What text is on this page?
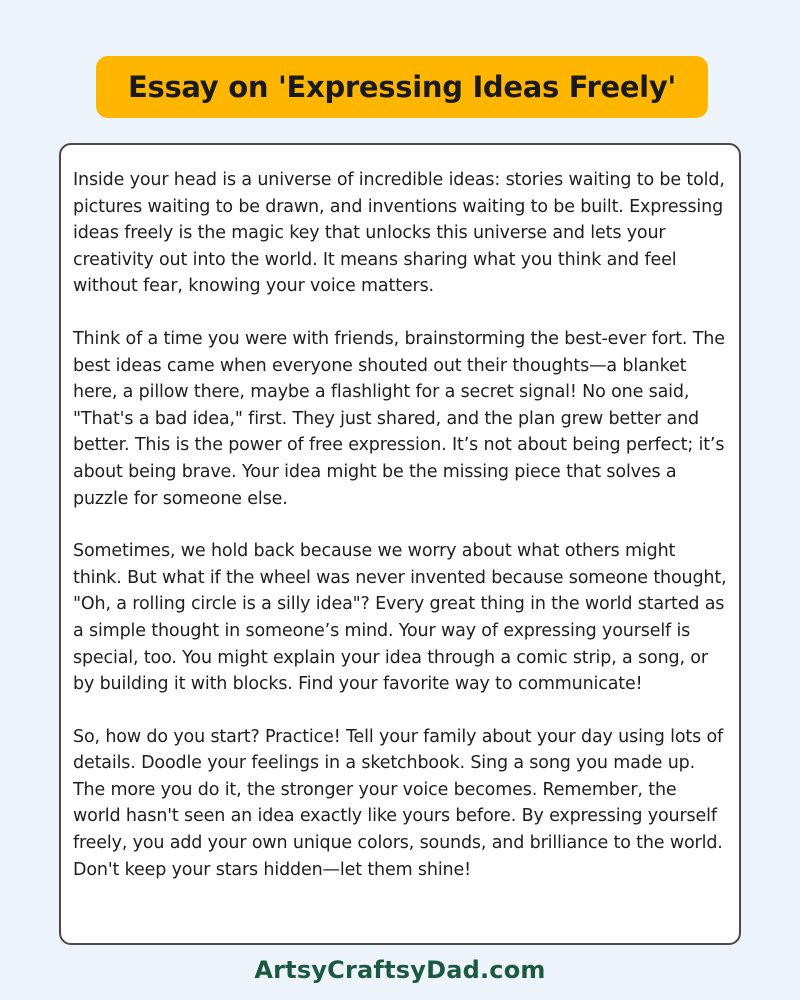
Essay on 'Expressing Ideas Freely'

Inside your head is a universe of incredible ideas: stories waiting to be told, pictures waiting to be drawn, and inventions waiting to be built. Expressing ideas freely is the magic key that unlocks this universe and lets your creativity out into the world. It means sharing what you think and feel without fear, knowing your voice matters.

Think of a time you were with friends, brainstorming the best-ever fort. The best ideas came when everyone shouted out their thoughts—a blanket here, a pillow there, maybe a flashlight for a secret signal! No one said, "That's a bad idea," first. They just shared, and the plan grew better and better. This is the power of free expression. It’s not about being perfect; it’s about being brave. Your idea might be the missing piece that solves a puzzle for someone else.

Sometimes, we hold back because we worry about what others might think. But what if the wheel was never invented because someone thought, "Oh, a rolling circle is a silly idea"? Every great thing in the world started as a simple thought in someone’s mind. Your way of expressing yourself is special, too. You might explain your idea through a comic strip, a song, or by building it with blocks. Find your favorite way to communicate!

So, how do you start? Practice! Tell your family about your day using lots of details. Doodle your feelings in a sketchbook. Sing a song you made up. The more you do it, the stronger your voice becomes. Remember, the world hasn't seen an idea exactly like yours before. By expressing yourself freely, you add your own unique colors, sounds, and brilliance to the world. Don't keep your stars hidden—let them shine!

ArtsyCraftsyDad.com
